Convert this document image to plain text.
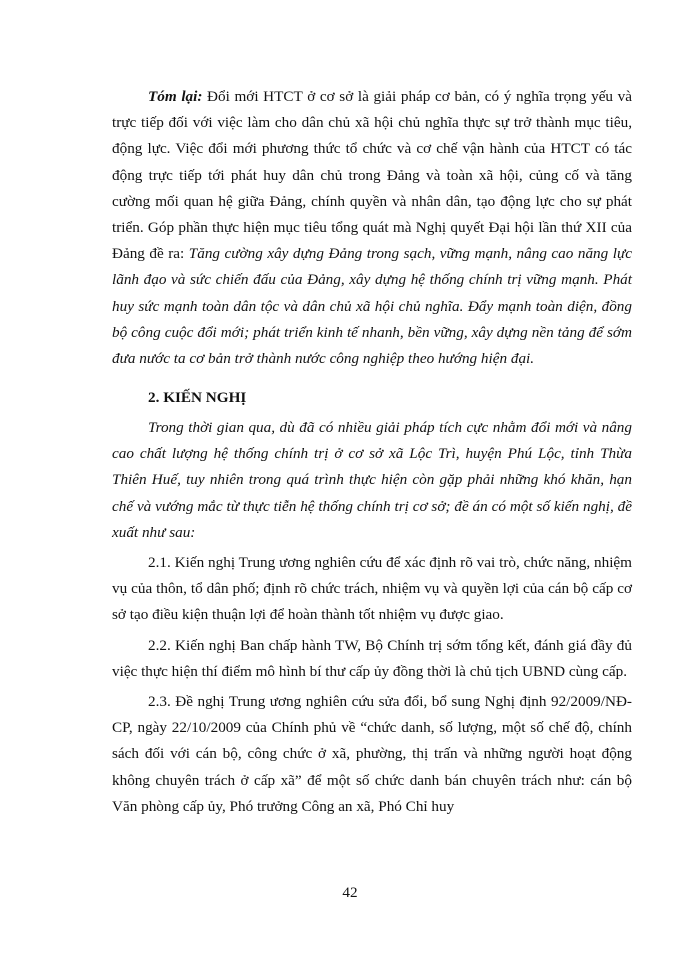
Tóm lại: Đổi mới HTCT ở cơ sở là giải pháp cơ bản, có ý nghĩa trọng yếu và trực tiếp đối với việc làm cho dân chủ xã hội chủ nghĩa thực sự trở thành mục tiêu, động lực. Việc đổi mới phương thức tổ chức và cơ chế vận hành của HTCT có tác động trực tiếp tới phát huy dân chủ trong Đảng và toàn xã hội, củng cố và tăng cường mối quan hệ giữa Đảng, chính quyền và nhân dân, tạo động lực cho sự phát triển. Góp phần thực hiện mục tiêu tổng quát mà Nghị quyết Đại hội lần thứ XII của Đảng đề ra: Tăng cường xây dựng Đảng trong sạch, vững mạnh, nâng cao năng lực lãnh đạo và sức chiến đấu của Đảng, xây dựng hệ thống chính trị vững mạnh. Phát huy sức mạnh toàn dân tộc và dân chủ xã hội chủ nghĩa. Đẩy mạnh toàn diện, đồng bộ công cuộc đổi mới; phát triển kinh tế nhanh, bền vững, xây dựng nền tảng để sớm đưa nước ta cơ bản trở thành nước công nghiệp theo hướng hiện đại.

2. KIẾN NGHỊ

Trong thời gian qua, dù đã có nhiều giải pháp tích cực nhằm đổi mới và nâng cao chất lượng hệ thống chính trị ở cơ sở xã Lộc Trì, huyện Phú Lộc, tỉnh Thừa Thiên Huế, tuy nhiên trong quá trình thực hiện còn gặp phải những khó khăn, hạn chế và vướng mắc từ thực tiễn hệ thống chính trị cơ sở; đề án có một số kiến nghị, đề xuất như sau:

2.1. Kiến nghị Trung ương nghiên cứu để xác định rõ vai trò, chức năng, nhiệm vụ của thôn, tổ dân phố; định rõ chức trách, nhiệm vụ và quyền lợi của cán bộ cấp cơ sở tạo điều kiện thuận lợi để hoàn thành tốt nhiệm vụ được giao.

2.2. Kiến nghị Ban chấp hành TW, Bộ Chính trị sớm tổng kết, đánh giá đầy đủ việc thực hiện thí điểm mô hình bí thư cấp ủy đồng thời là chủ tịch UBND cùng cấp.

2.3. Đề nghị Trung ương nghiên cứu sửa đổi, bổ sung Nghị định 92/2009/NĐ-CP, ngày 22/10/2009 của Chính phủ về “chức danh, số lượng, một số chế độ, chính sách đối với cán bộ, công chức ở xã, phường, thị trấn và những người hoạt động không chuyên trách ở cấp xã” để một số chức danh bán chuyên trách như: cán bộ Văn phòng cấp ủy, Phó trưởng Công an xã, Phó Chỉ huy

42
